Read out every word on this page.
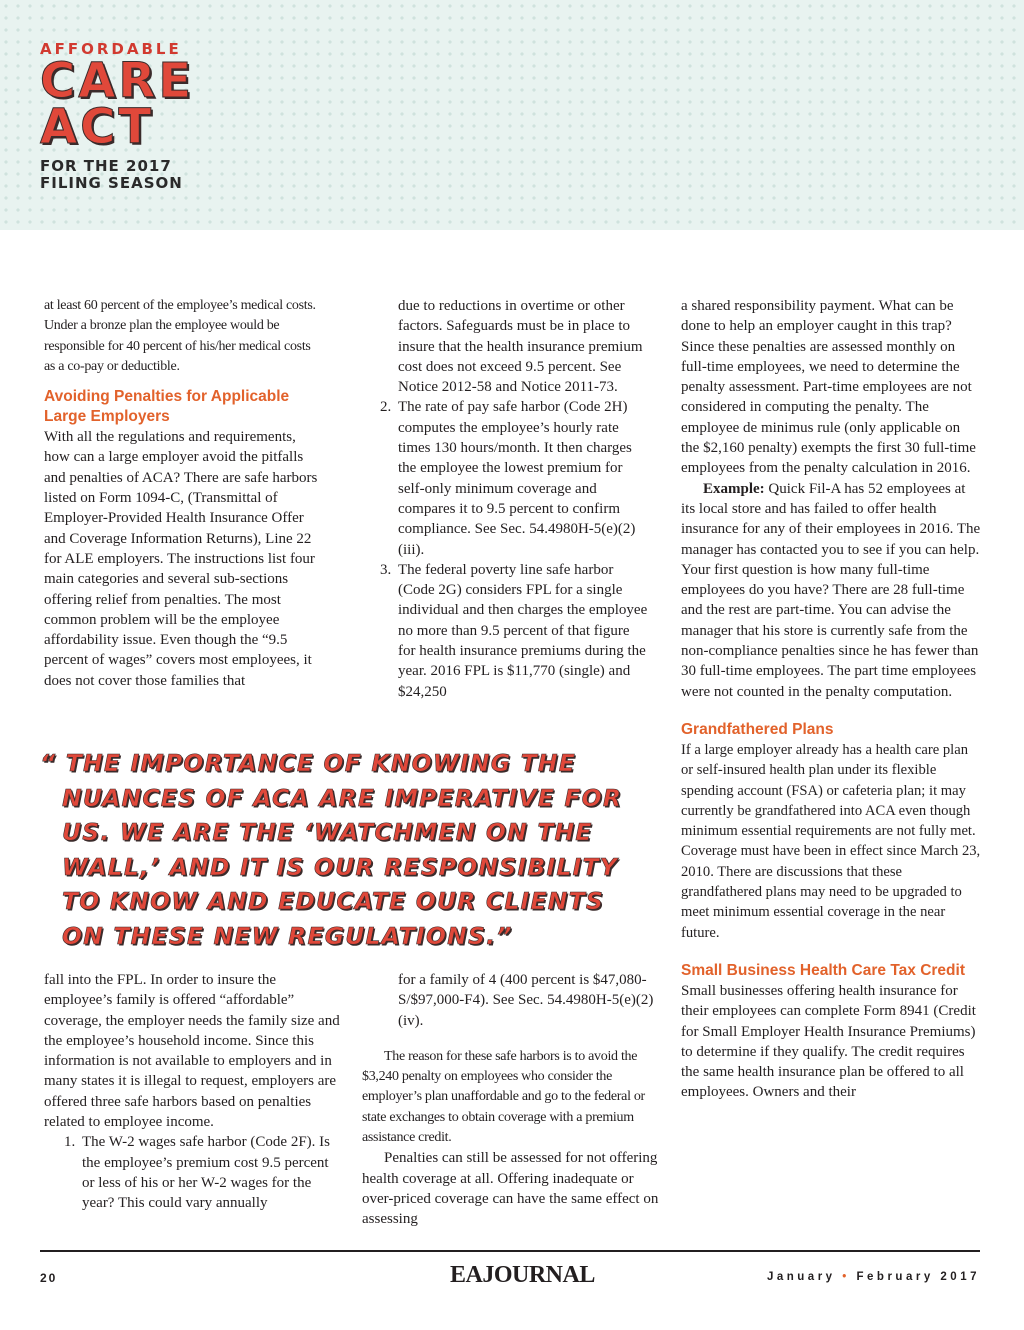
AFFORDABLE
CARE
ACT
FOR THE 2017
FILING SEASON

at least 60 percent of the employee’s medical costs. Under a bronze plan the employee would be responsible for 40 percent of his/her medical costs as a co-pay or deductible.

Avoiding Penalties for Applicable Large Employers

With all the regulations and requirements, how can a large employer avoid the pitfalls and penalties of ACA? There are safe harbors listed on Form 1094-C, (Transmittal of Employer-Provided Health Insurance Offer and Coverage Information Returns), Line 22 for ALE employers. The instructions list four main categories and several sub-sections offering relief from penalties. The most common problem will be the employee affordability issue. Even though the “9.5 percent of wages” covers most employees, it does not cover those families that

due to reductions in overtime or other factors. Safeguards must be in place to insure that the health insurance premium cost does not exceed 9.5 percent. See Notice 2012-58 and Notice 2011-73.

2. The rate of pay safe harbor (Code 2H) computes the employee’s hourly rate times 130 hours/month. It then charges the employee the lowest premium for self-only minimum coverage and compares it to 9.5 percent to confirm compliance. See Sec. 54.4980H-5(e)(2)(iii).
3. The federal poverty line safe harbor (Code 2G) considers FPL for a single individual and then charges the employee no more than 9.5 percent of that figure for health insurance premiums during the year. 2016 FPL is $11,770 (single) and $24,250

“ THE IMPORTANCE OF KNOWING THE NUANCES OF ACA ARE IMPERATIVE FOR US. WE ARE THE ‘WATCHMEN ON THE WALL,’ AND IT IS OUR RESPONSIBILITY TO KNOW AND EDUCATE OUR CLIENTS ON THESE NEW REGULATIONS.”

fall into the FPL. In order to insure the employee’s family is offered “affordable” coverage, the employer needs the family size and the employee’s household income. Since this information is not available to employers and in many states it is illegal to request, employers are offered three safe harbors based on penalties related to employee income.

1. The W-2 wages safe harbor (Code 2F). Is the employee’s premium cost 9.5 percent or less of his or her W-2 wages for the year? This could vary annually

for a family of 4 (400 percent is $47,080-S/$97,000-F4). See Sec. 54.4980H-5(e)(2)(iv).

The reason for these safe harbors is to avoid the $3,240 penalty on employees who consider the employer’s plan unaffordable and go to the federal or state exchanges to obtain coverage with a premium assistance credit.

Penalties can still be assessed for not offering health coverage at all. Offering inadequate or over-priced coverage can have the same effect on assessing

a shared responsibility payment. What can be done to help an employer caught in this trap? Since these penalties are assessed monthly on full-time employees, we need to determine the penalty assessment. Part-time employees are not considered in computing the penalty. The employee de minimus rule (only applicable on the $2,160 penalty) exempts the first 30 full-time employees from the penalty calculation in 2016.

Example: Quick Fil-A has 52 employees at its local store and has failed to offer health insurance for any of their employees in 2016. The manager has contacted you to see if you can help. Your first question is how many full-time employees do you have? There are 28 full-time and the rest are part-time. You can advise the manager that his store is currently safe from the non-compliance penalties since he has fewer than 30 full-time employees. The part time employees were not counted in the penalty computation.

Grandfathered Plans

If a large employer already has a health care plan or self-insured health plan under its flexible spending account (FSA) or cafeteria plan; it may currently be grandfathered into ACA even though minimum essential requirements are not fully met. Coverage must have been in effect since March 23, 2010. There are discussions that these grandfathered plans may need to be upgraded to meet minimum essential coverage in the near future.

Small Business Health Care Tax Credit

Small businesses offering health insurance for their employees can complete Form 8941 (Credit for Small Employer Health Insurance Premiums) to determine if they qualify. The credit requires the same health insurance plan be offered to all employees. Owners and their

20	EAJOURNAL	January • February 2017
